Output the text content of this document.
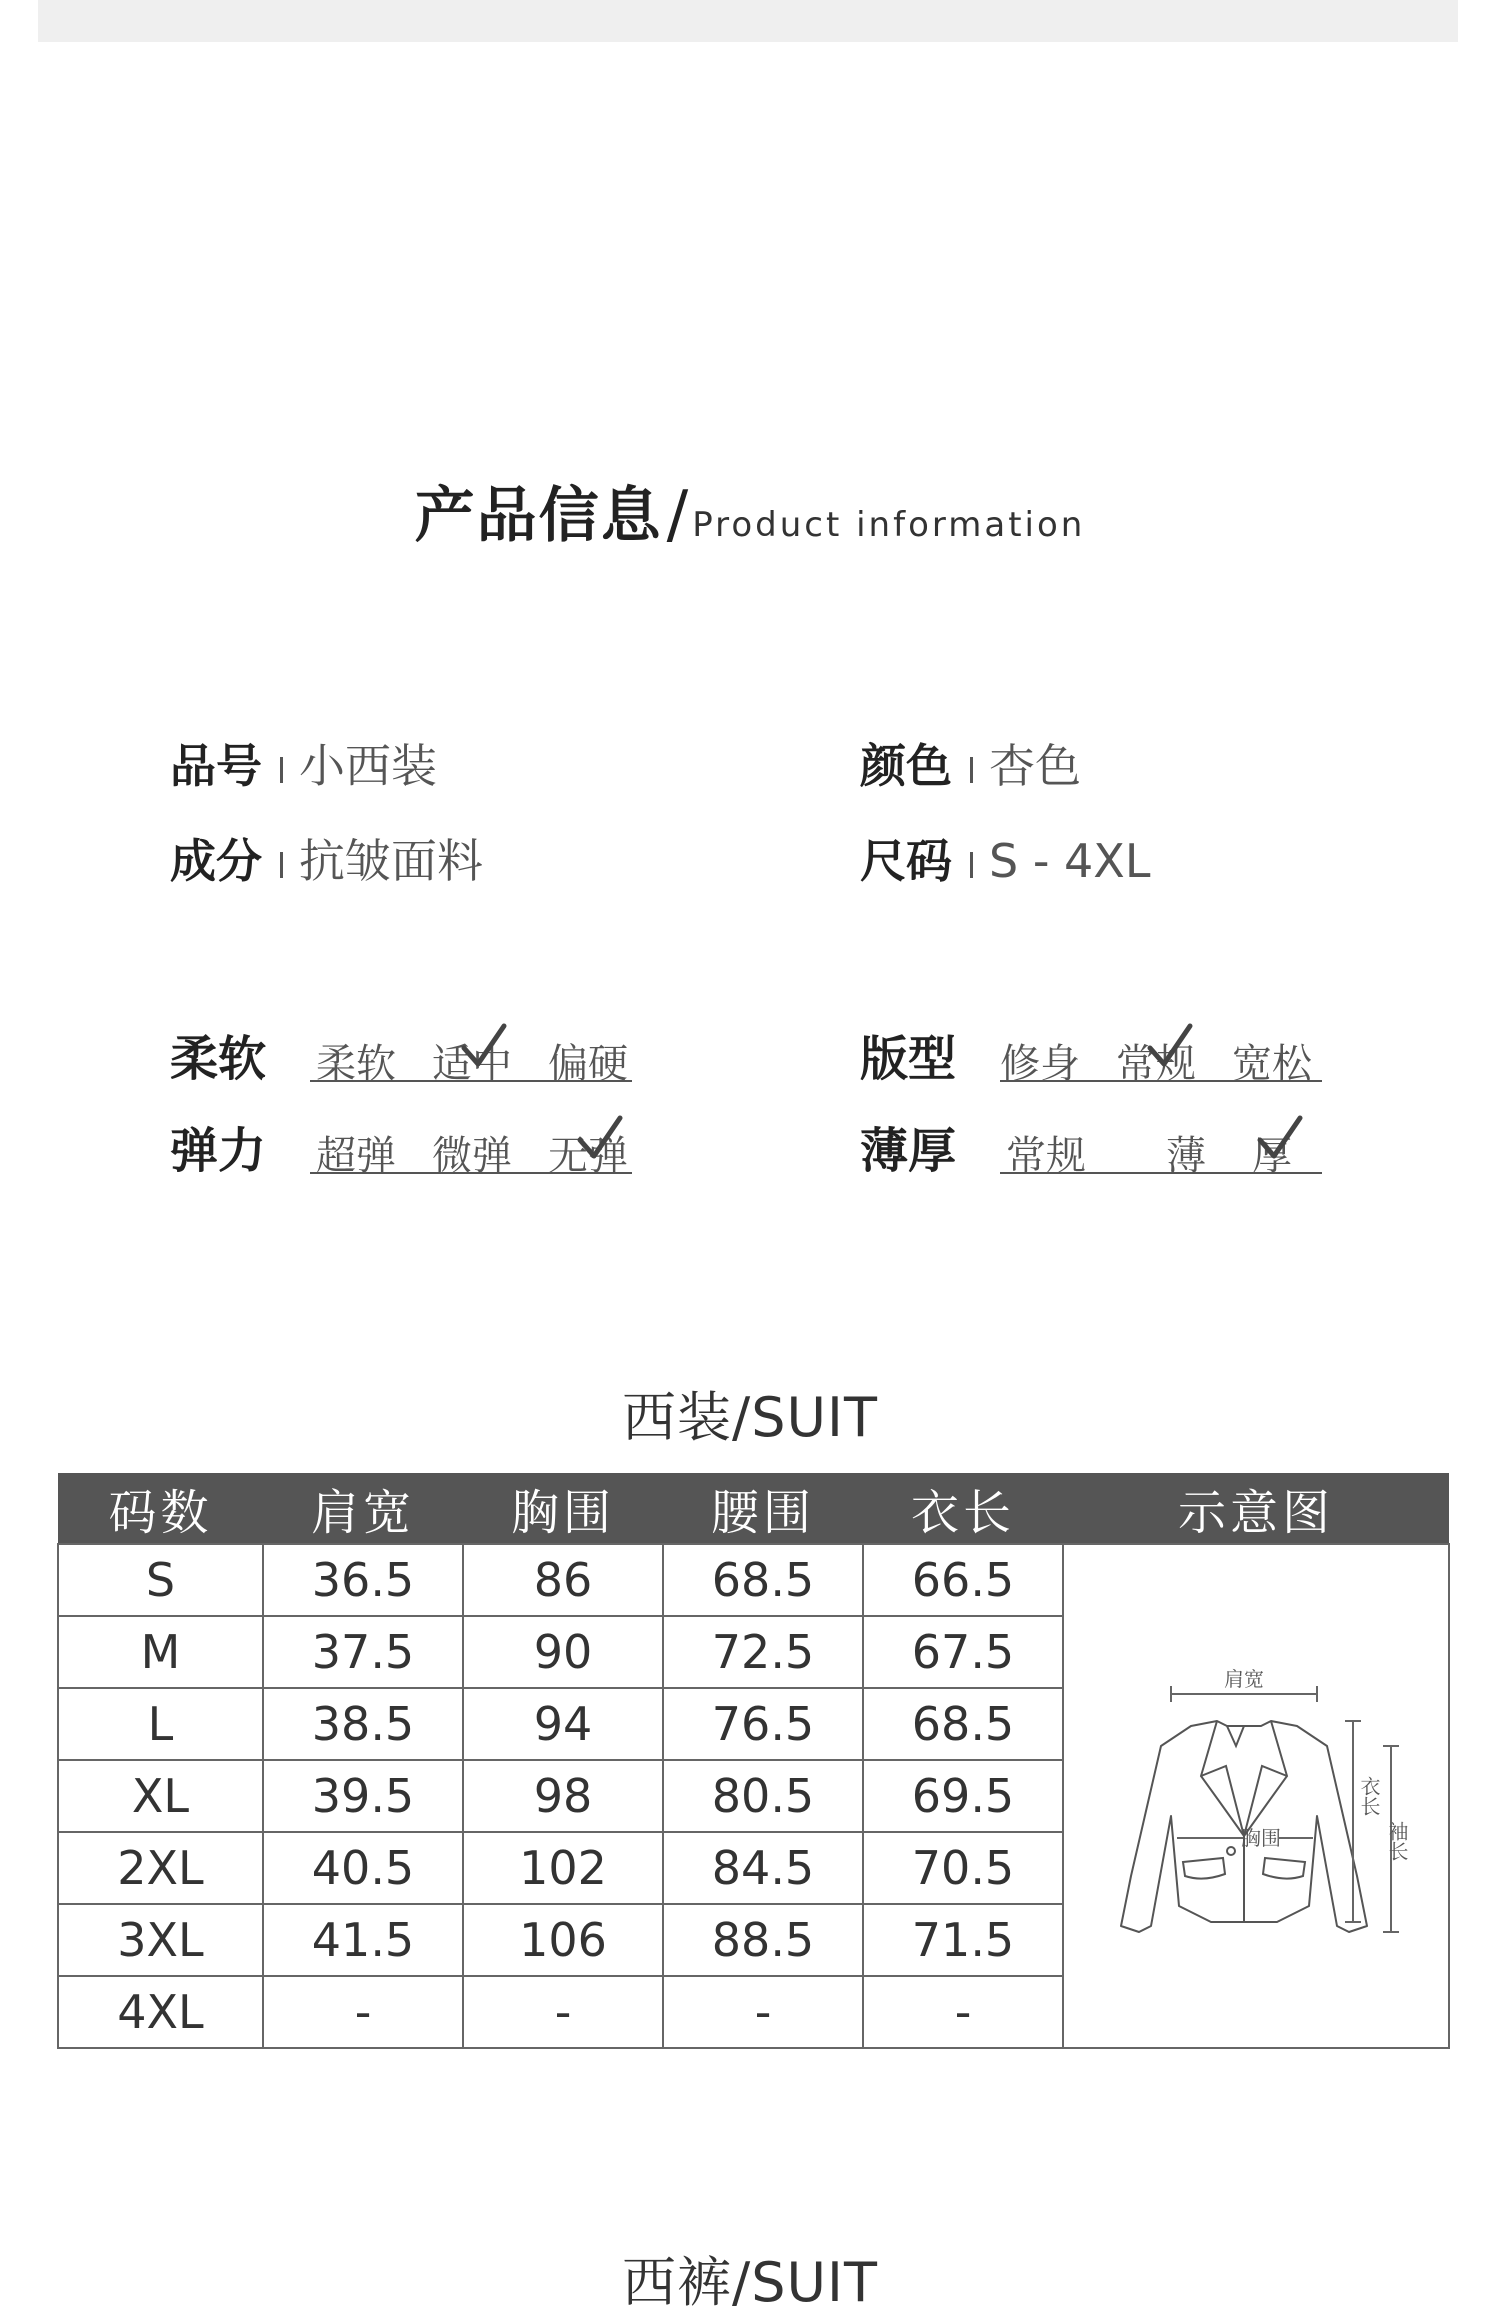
产品信息/ Product information
品号 小西装	颜色 杏色
成分 抗皱面料	尺码 S - 4XL
柔软 柔软 适中 偏硬	版型 修身 常规 宽松
弹力 超弹 微弹 无弹	薄厚 常规 薄 厚
西装/SUIT
码数	肩宽	胸围	腰围	衣长	示意图
S	36.5	86	68.5	66.5	肩宽
胸围
衣长
袖长

M	37.5	90	72.5	67.5	
L	38.5	94	76.5	68.5	
XL	39.5	98	80.5	69.5	
2XL	40.5	102	84.5	70.5	
3XL	41.5	106	88.5	71.5	
4XL	-	-	-	-	
西裤/SUIT
